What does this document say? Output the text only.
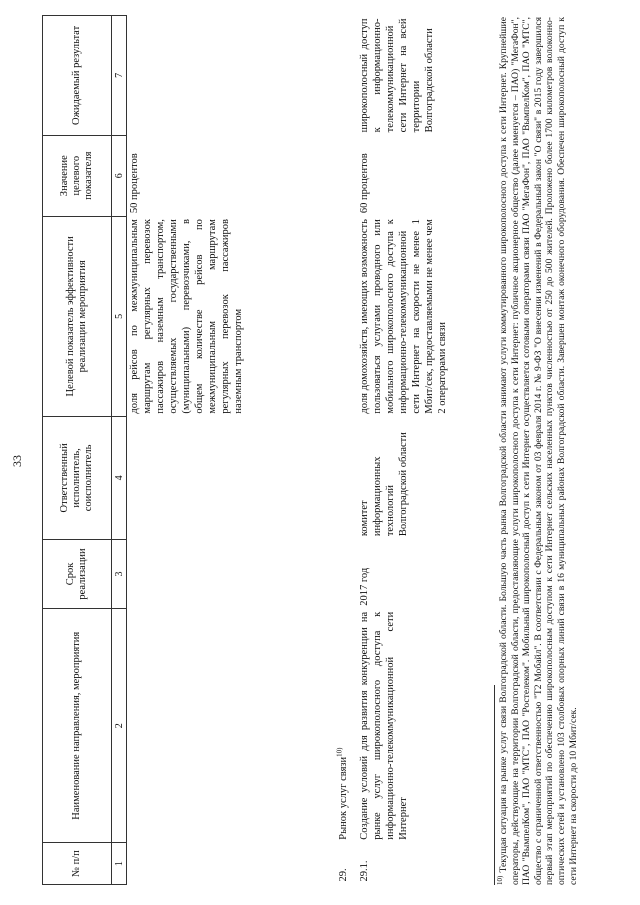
33
№ п/п	Наименование направления, мероприятия	Срок реализации	Ответственный исполнитель, соисполнитель	Целевой показатель эффективности реализации мероприятия	Значение целевого показателя	Ожидаемый результат
1	2	3	4	5	6	7
				доля рейсов по межмуниципальным маршрутам регулярных перевозок пассажиров наземным транспортом, осуществляемых государственными (муниципальными) перевозчиками, в общем количестве рейсов по межмуниципальным маршрутам регулярных перевозок пассажиров наземным транспортом	50 процентов	
29.	Рынок услуг связи$^{10)}$
29.1.	Создание условий для развития конкуренции на рынке услуг широкополосного доступа к информационно-телекоммуникационной сети Интернет	2017 год	комитет информационных технологий Волгоградской области	доля домохозяйств, имеющих возможность пользоваться услугами проводного или мобильного широкополосного доступа к информационно-телекоммуникационной сети Интернет на скорости не менее 1 Мбит/сек, предоставляемыми не менее чем 2 операторами связи	60 процентов	широкополосный доступ к информационно-телекоммуникационной сети Интернет на всей территории Волгоградской области
$^{10)}$ Текущая ситуация на рынке услуг связи Волгоградской области. Большую часть рынка Волгоградской области занимают услуги коммутированного широкополосного доступа к сети Интернет. Крупнейшие операторы, действующие на территории Волгоградской области, предоставляющие услуги широкополосного доступа к сети Интернет: публичное акционерное общество (далее именуется – ПАО) "МегаФон", ПАО "ВымпелКом", ПАО "МТС", ПАО "Ростелеком". Мобильный широкополосный доступ к сети Интернет осуществляется сотовыми операторами связи ПАО "МегаФон", ПАО "ВымпелКом", ПАО "МТС", общество с ограниченной ответственностью "Т2 Мобайл". В соответствии с Федеральным законом от 03 февраля 2014 г. № 9-ФЗ "О внесении изменений в Федеральный закон "О связи" в 2015 году завершился первый этап мероприятий по обеспечению широкополосным доступом к сети Интернет сельских населенных пунктов численностью от 250 до 500 жителей. Проложено более 1700 километров волоконно-оптических сетей и установлено 103 столбовых опорных линий связи в 16 муниципальных районах Волгоградской области. Завершен монтаж оконечного оборудования. Обеспечен широкополосный доступ к сети Интернет на скорости до 10 Мбит/сек.
